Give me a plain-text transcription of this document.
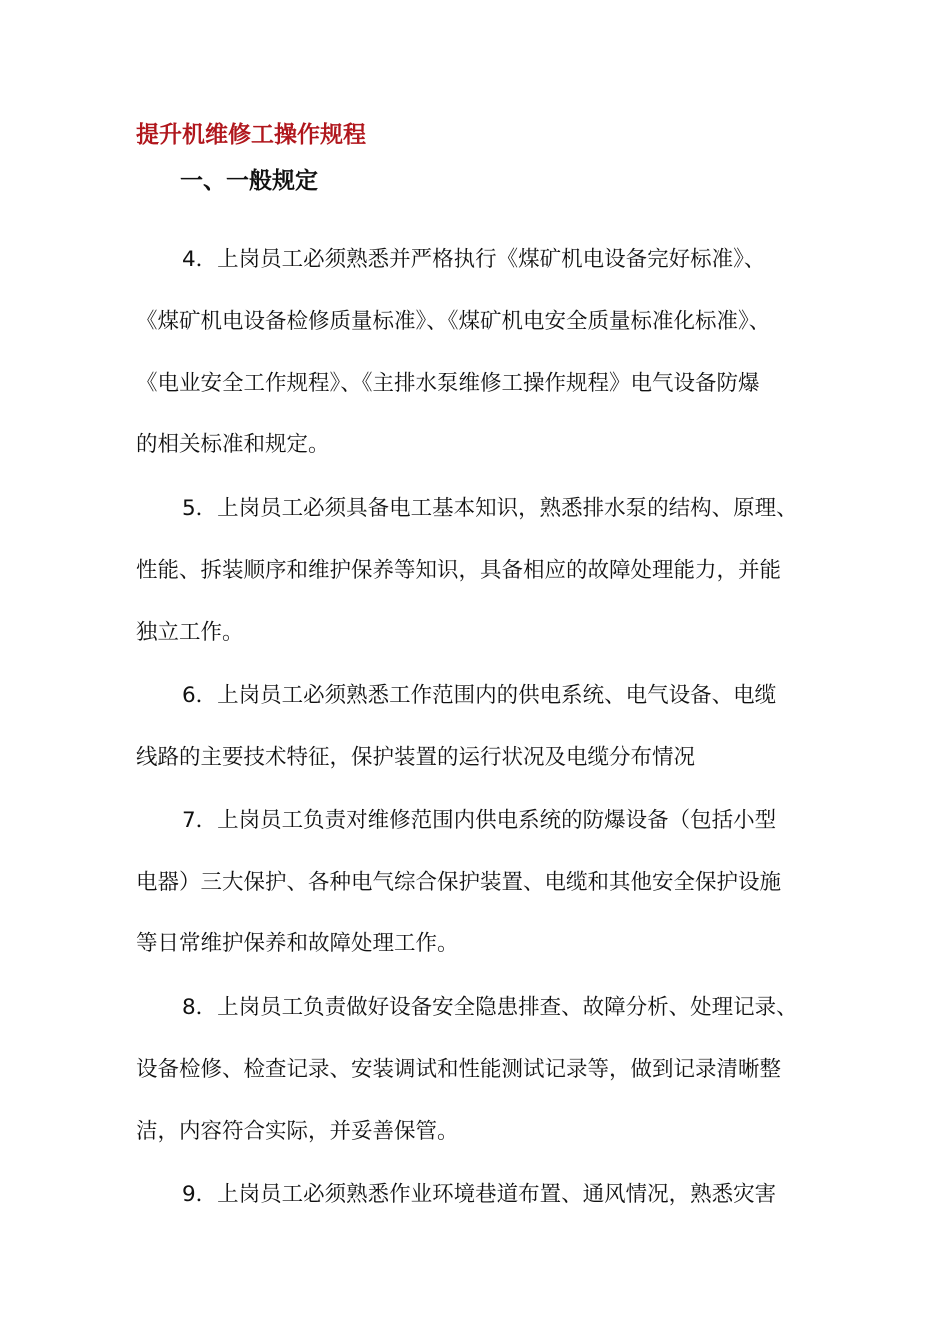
提升机维修工操作规程
一、一般规定
4．上岗员工必须熟悉并严格执行《煤矿机电设备完好标准》、
《煤矿机电设备检修质量标准》、《煤矿机电安全质量标准化标准》、
《电业安全工作规程》、《主排水泵维修工操作规程》电气设备防爆
的相关标准和规定。
5．上岗员工必须具备电工基本知识，熟悉排水泵的结构、原理、
性能、拆装顺序和维护保养等知识，具备相应的故障处理能力，并能
独立工作。
6．上岗员工必须熟悉工作范围内的供电系统、电气设备、电缆
线路的主要技术特征，保护装置的运行状况及电缆分布情况
7．上岗员工负责对维修范围内供电系统的防爆设备（包括小型
电器）三大保护、各种电气综合保护装置、电缆和其他安全保护设施
等日常维护保养和故障处理工作。
8．上岗员工负责做好设备安全隐患排查、故障分析、处理记录、
设备检修、检查记录、安装调试和性能测试记录等，做到记录清晰整
洁，内容符合实际，并妥善保管。
9．上岗员工必须熟悉作业环境巷道布置、通风情况，熟悉灾害
